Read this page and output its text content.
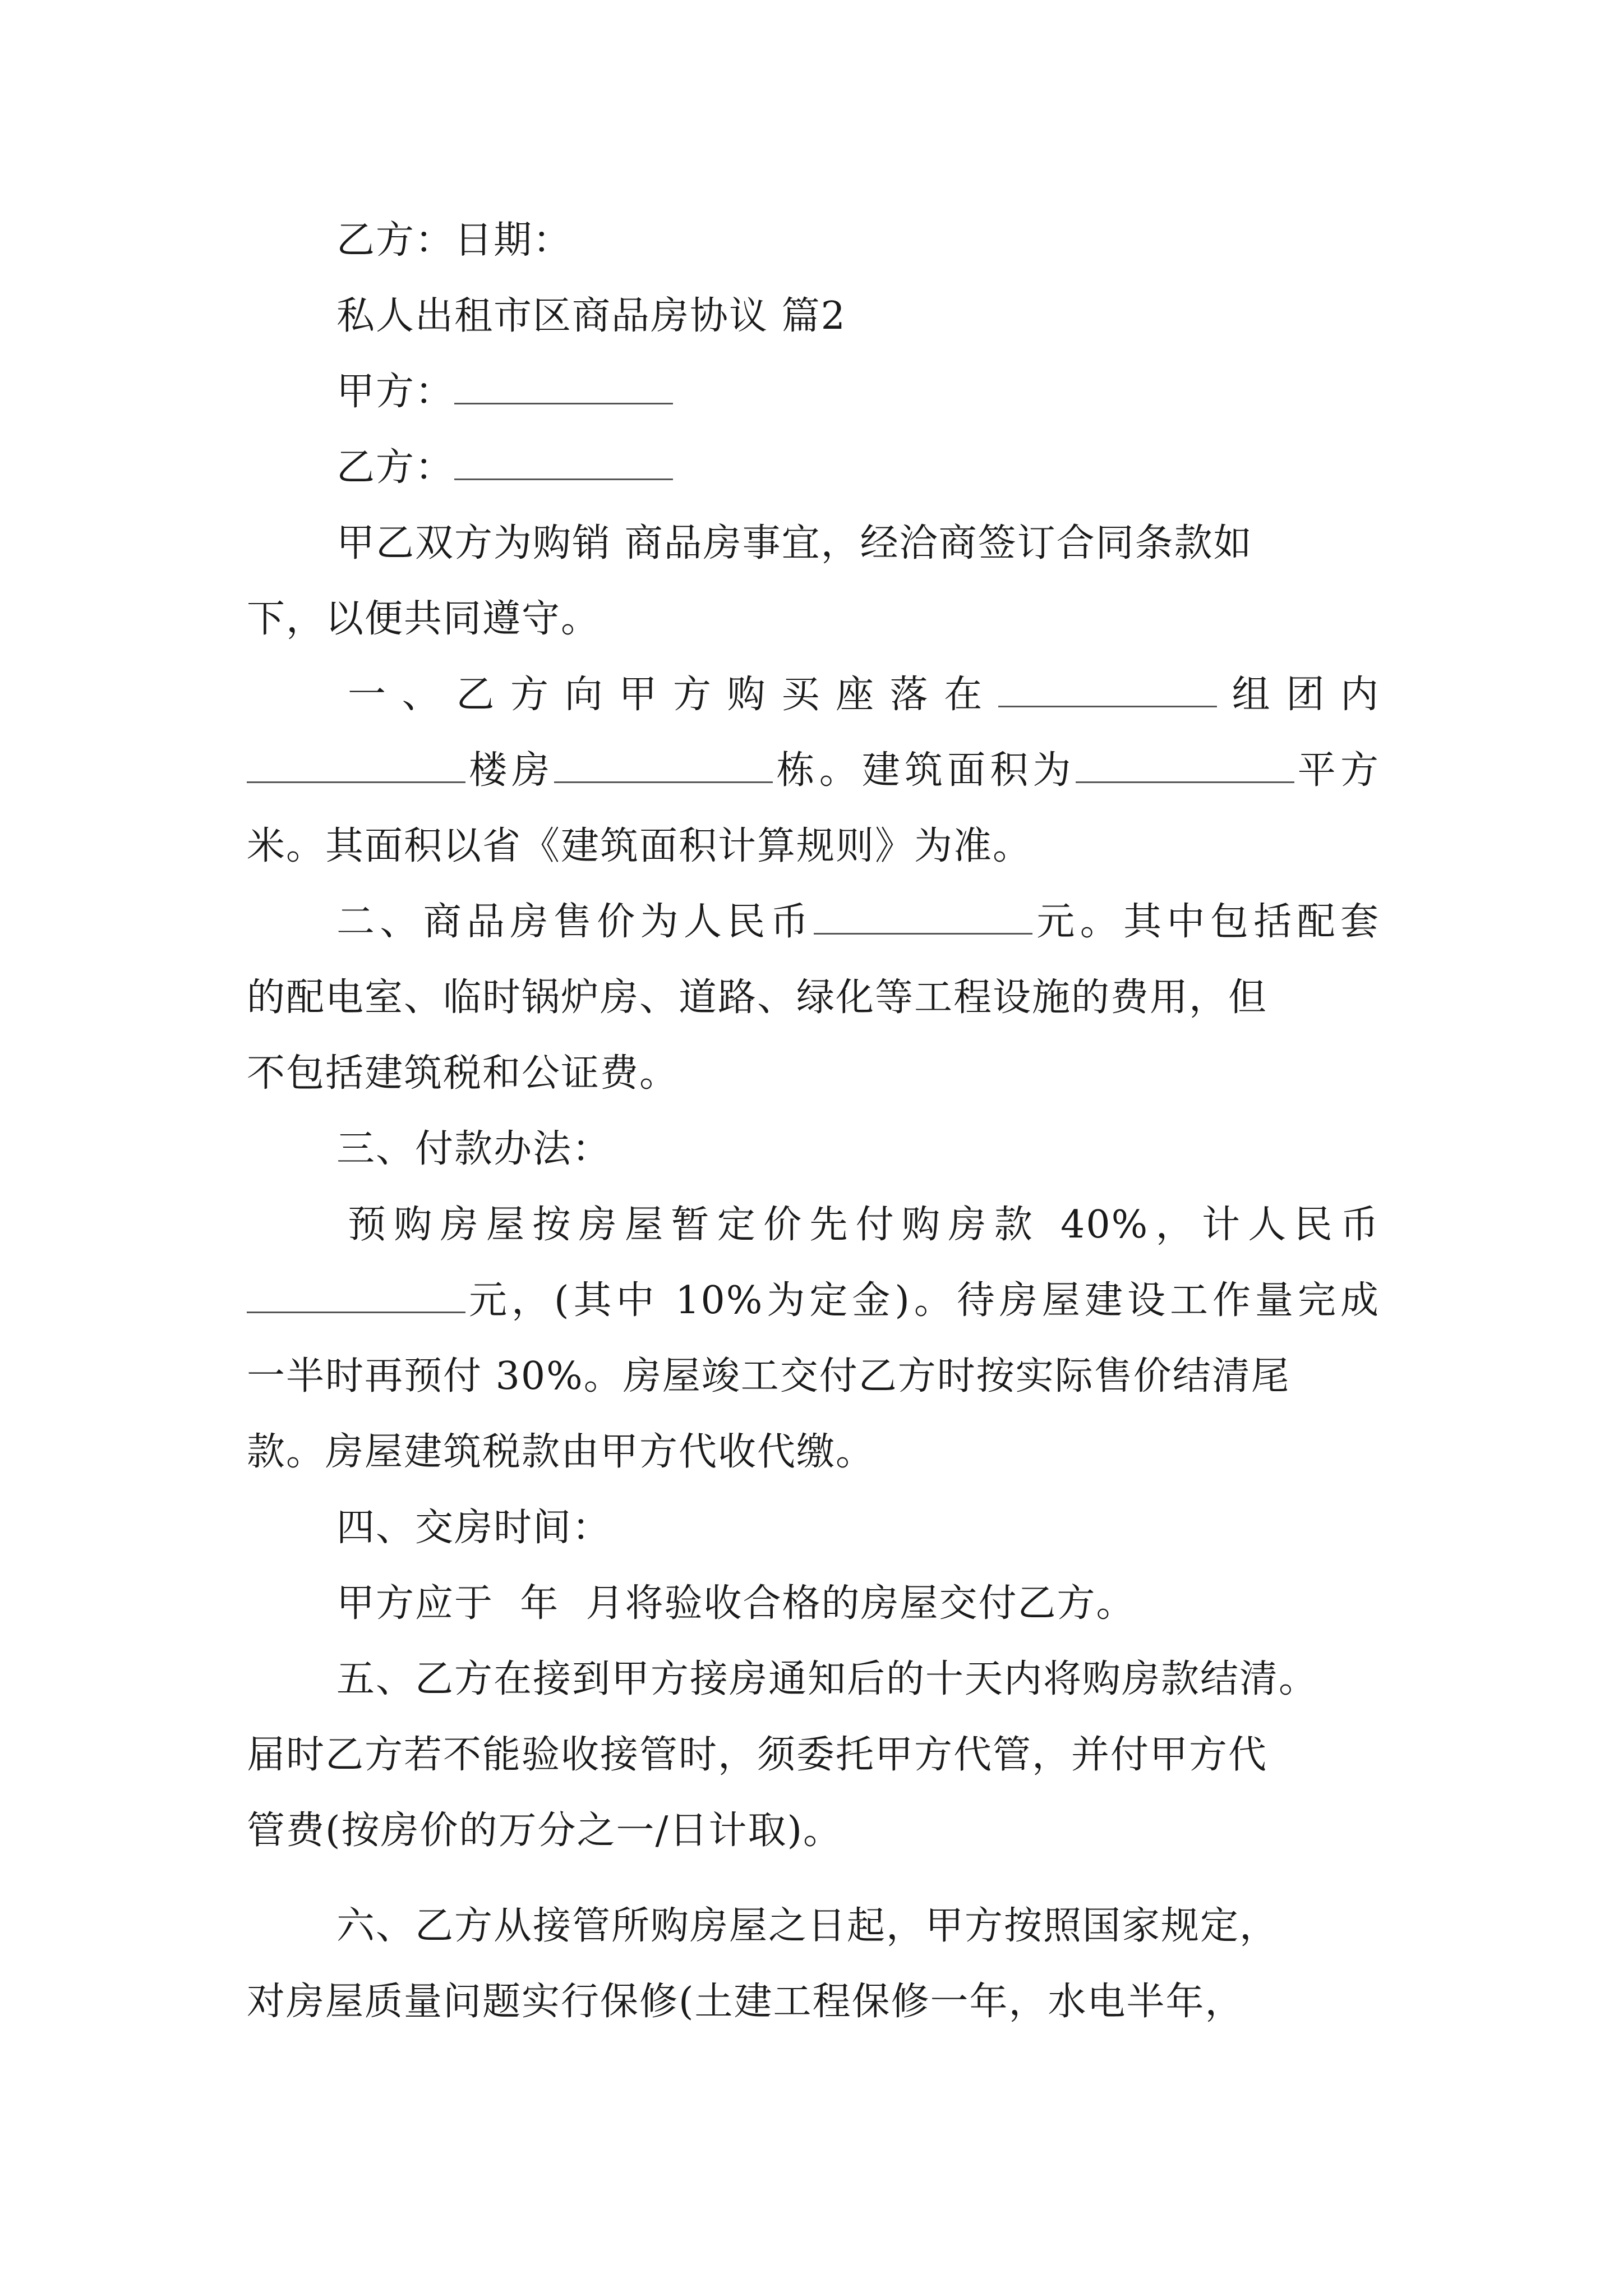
乙方：日期：
私人出租市区商品房协议 篇2
甲方：
乙方：
甲乙双方为购销 商品房事宜，经洽商签订合同条款如
下，以便共同遵守。
一、乙方向甲方购买座落在	组团内
楼房	栋。建筑面积为	平方
米。其面积以省《建筑面积计算规则》为准。
二、商品房售价为人民币	元。其中包括配套
的配电室、临时锅炉房、道路、绿化等工程设施的费用，但
不包括建筑税和公证费。
三、付款办法：
预购房屋按房屋暂定价先付购房款 40%，计人民币
元，(其中 10%为定金)。待房屋建设工作量完成
一半时再预付 30%。房屋竣工交付乙方时按实际售价结清尾
款。房屋建筑税款由甲方代收代缴。
四、交房时间：
甲方应于  年  月将验收合格的房屋交付乙方。
五、乙方在接到甲方接房通知后的十天内将购房款结清。
届时乙方若不能验收接管时，须委托甲方代管，并付甲方代
管费(按房价的万分之一/日计取)。
六、乙方从接管所购房屋之日起，甲方按照国家规定，
对房屋质量问题实行保修(土建工程保修一年，水电半年，
